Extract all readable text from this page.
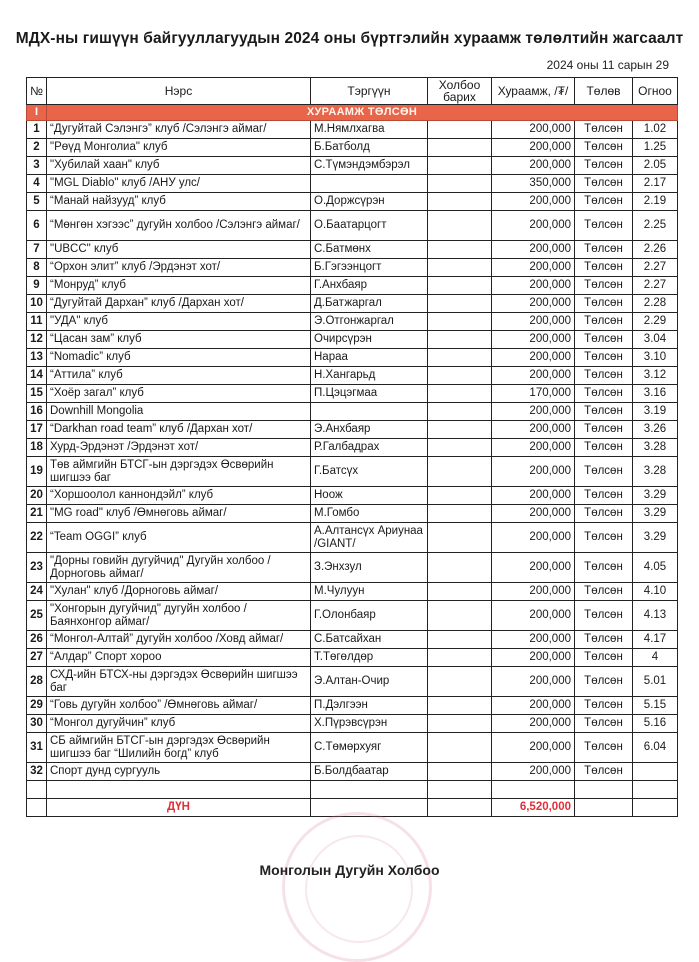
МДХ-ны гишүүн байгууллагуудын 2024 оны бүртгэлийн хураамж төлөлтийн жагсаалт
2024 оны 11 сарын 29
№	Нэрс	Тэргүүн	Холбоо барих	Хураамж, /₮/	Төлөв	Огноо
I	ХУРААМЖ ТӨЛСӨН					
1	“Дугуйтай Сэлэнгэ” клуб /Сэлэнгэ аймаг/	М.Нямлхагва		200,000	Төлсөн	1.02
2	"Рөүд Монголиа" клуб	Б.Батболд		200,000	Төлсөн	1.25
3	"Хубилай хаан" клуб	С.Түмэндэмбэрэл		200,000	Төлсөн	2.05
4	"MGL Diablo" клуб /АНУ улс/			350,000	Төлсөн	2.17
5	“Манай найзууд” клуб	О.Доржсүрэн		200,000	Төлсөн	2.19
6	“Мөнгөн хэгээс” дугуйн холбоо /Сэлэнгэ аймаг/	О.Баатарцогт		200,000	Төлсөн	2.25
7	"UBCC" клуб	С.Батмөнх		200,000	Төлсөн	2.26
8	“Орхон элит” клуб /Эрдэнэт хот/	Б.Гэгээнцогт		200,000	Төлсөн	2.27
9	“Монруд” клуб	Г.Анхбаяр		200,000	Төлсөн	2.27
10	“Дугуйтай Дархан” клуб /Дархан хот/	Д.Батжаргал		200,000	Төлсөн	2.28
11	"УДА" клуб	Э.Отгонжаргал		200,000	Төлсөн	2.29
12	“Цасан зам” клуб	Очирсүрэн		200,000	Төлсөн	3.04
13	“Nomadic” клуб	Нараа		200,000	Төлсөн	3.10
14	“Аттила” клуб	Н.Хангарьд		200,000	Төлсөн	3.12
15	“Хоёр загал” клуб	П.Цэцэгмаа		170,000	Төлсөн	3.16
16	Downhill Mongolia			200,000	Төлсөн	3.19
17	“Darkhan road team” клуб /Дархан хот/	Э.Анхбаяр		200,000	Төлсөн	3.26
18	Хурд-Эрдэнэт /Эрдэнэт хот/	Р.Галбадрах		200,000	Төлсөн	3.28
19	Төв аймгийн БТСГ-ын дэргэдэх Өсвөрийн шигшээ баг	Г.Батсүх		200,000	Төлсөн	3.28
20	“Хоршоолол каннондэйл” клуб	Ноож		200,000	Төлсөн	3.29
21	"MG road" клуб /Өмнөговь аймаг/	М.Гомбо		200,000	Төлсөн	3.29
22	“Team OGGI” клуб	А.Алтансүх Ариунаа /GIANT/		200,000	Төлсөн	3.29
23	"Дорны говийн дугуйчид" Дугуйн холбоо /Дорноговь аймаг/	З.Энхзул		200,000	Төлсөн	4.05
24	"Хулан" клуб /Дорноговь аймаг/	М.Чулуун		200,000	Төлсөн	4.10
25	"Хонгорын дугуйчид" дугуйн холбоо /Баянхонгор аймаг/	Г.Олонбаяр		200,000	Төлсөн	4.13
26	“Монгол-Алтай” дугуйн холбоо /Ховд аймаг/	С.Батсайхан		200,000	Төлсөн	4.17
27	“Алдар” Спорт хороо	Т.Төгөлдөр		200,000	Төлсөн	4
28	СХД-ийн БТСХ-ны дэргэдэх Өсвөрийн шигшээ баг	Э.Алтан-Очир		200,000	Төлсөн	5.01
29	“Говь дугуйн холбоо” /Өмнөговь аймаг/	П.Дэлгээн		200,000	Төлсөн	5.15
30	“Монгол дугуйчин” клуб	Х.Пүрэвсүрэн		200,000	Төлсөн	5.16
31	СБ аймгийн БТСГ-ын дэргэдэх Өсвөрийн шигшээ баг “Шилийн богд” клуб	С.Төмөрхуяг		200,000	Төлсөн	6.04
32	Спорт дунд сургууль	Б.Болдбаатар		200,000	Төлсөн	

	ДҮН			6,520,000		
Монголын Дугуйн Холбоо
